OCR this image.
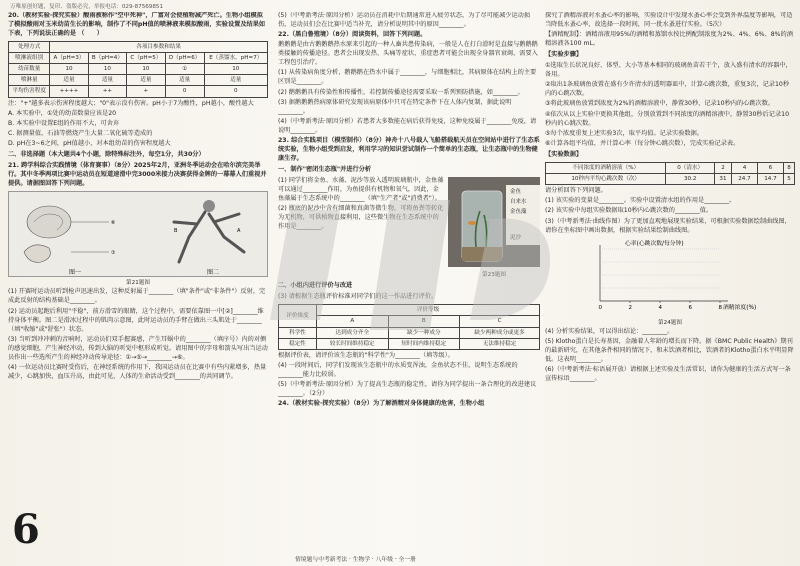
万唯原创好题，复印、盗版必究，举报电话：029-87569851

20.（教材实验·探究实验）酸雨被称作"空中死神"，广富对会使植物减产死亡。生物小组模拟了模拟酸雨对玉米幼苗生长的影响，制作了不同pH值的喷淋液来模拟酸雨，实验设置及结果如下表，下列说法正确的是 （　　）

处理方式	各项目参数和结果				
喷淋液组别	A（pH=3）	B（pH=4）	C（pH=5）	D（pH=6）	E（蒸馏水，pH=7）
幼苗数量	10	10	10	①	10
喷淋量	适量	适量	适量	适量	适量
平均伤害程度	++++	++	+	0	0

注："+"越多表示伤害程度越大；"0"表示没有伤害。pH小于7为酸性，pH越小，酸性越大

A. 本实验中，①处的幼苗数量应该是20

B. 本实验中设置E组的作用不大，可舍弃

C. 据测量值，石油等燃烧产生大量二氧化硫等造成的

D. pH在3~6之间，pH值越小，对本组幼苗的伤害程度越大

二、非选择题（本大题共4个小题，除特殊标注外，每空1分，共30分）

21. 跨学科综合实践情境（体育赛事）（8分）2025年2月，亚洲冬季运动会在哈尔滨完美举行。其中冬季两项比赛中运动员在短道速滑中完3000米接力决赛获得金牌的一幕幕人们重视并提供。请据图回答下列问题。

⑥
①
图一
B	A
图二

第21题图

(1) 开赛时运动员听到枪声迅速出发，这种反射属于________（填"条件"或"非条件"）反射，完成此反射的结构基础是________。

(2) 运动员起跑后利用"平稳"，前方滑雪的眼睛，这个过程中，需要依靠图一中[②]________维持身体平衡。图二是滑冰过程中的肌肉示意图，此时运动员的手臂在做出三头肌处于________（填"收缩"或"舒张"）状态。

(3) 当听到冲冲刺的音响时，运动员们双手握赛感，产生耳蜗中的________（填序号）内的对侧的感觉细胞，产生神经冲动，传到大脑的听觉中枢形成听觉。请用图中的字母和箭头写出当运动员作出一些选所产生的神经冲动传导途径：①→⑤→________→⑥。

(4) 一位运动员比赛时受伤后，在神经系统的作用下，我国运动员在比赛中有些内紧增多，热量减少，心跳加快，血压升高，由此可见，人体的生命活动受到________的共同调节。

6

(5)（中考新考法·原因分析）运动员在消耗中后期通常进入疲劳状态，为了尽可能减少运动损伤，运动员们会在比赛中适当补充，请分析说明其中的原因________。

22.（黑白鲁殖境）（8分）阅读资料，回答下列问题。

鹅鹅鹅是由古鹅鹅鹅热水原来引起的一种人畜共患传染病，一般是人在打白滑时是直接与鹅鹅鹅类接触的传播途径。患者会出现发热、头痛等症状，重症患者可能会出现全身器官衰竭，需要入工程包引治疗。

(1) 从传染病角度分析，鹅鹅鹅在热水中属于________，与细胞相比，其病原体在结构上的主要区别是________。

(2) 鹅鹅鹅具有传染性和传播性，若控制传播途径需要采取一系列预防措施，如________。

(3) 据鹅鹅鹅热病原体研究发现该病原体中只可在特定条件下在人体内复制，据此说明________。

(4)（中考新考法·原因分析）若患者大多数能在病后获得免疫，这种免疫属于________免疫，请说明________。

23. 综合实践项目（模型制作）（8分）神舟十八号载人飞船搭载航天员在空间站中进行了生态系统实验，生物小组受到启发，利用学习的知识尝试制作一个简单的生态瓶，让生态瓶中的生物健康生存。

一、制作"密闭生态瓶"并进行分析

(1) 同学们将金鱼、水藻、泥沙等放入透明玻璃瓶中，金鱼藻可以通过________作用，为鱼提供有机物和氧气，因此，金鱼藻属于生态系统中的________（填"生产者"或"消费者"）。

(2) 瓶底的泥沙中含有细菌和真菌等微生物，可将鱼粪等转化为无机物，可供植物直接利用，这些微生物在生态系统中的作用是________。

金鱼
自来水
金鱼藻
泥沙

第23题图

二、小组内进行评价与改进

(3) 请根据生态瓶评价标准对同学们的这一作品进行评价。

评价维度	评价等级		
	A	B	C
科学性	达到成分齐全	缺少一种成分	缺少两种成分或更多
稳定性	较长时间维持稳定	短时间内维持稳定	无法维持稳定

根据评价表，请评价该生态瓶的"科学性"为________（填等级）。

(4) 一段时间后，同学们发现该生态瓶中的水质变浑浊，金鱼状态不佳，说明生态系统的________能力比较弱。

(5)（中考新考法·原因分析）为了提高生态瓶的稳定性，请你为同学提出一条合理化的改进建议________。（2分）

24.（教材实验·探究实验）（8分）为了解酒精对身体健康的危害，生物小组

探究了酒精溶液对水蚤心率的影响，实验设计中发现水蚤心率会受到外界温度等影响，可适当降低水蚤心率，故选择一段时间，同一批水蚤进行实验。（5次）

【酒精配制】：酒精溶液用95%的酒精和蒸馏水按比例配制浓度为2%、4%、6%、8%的酒精溶液各100 mL。

【实验步骤】

①选取生长状况良好、体型、大小等基本相同的玻璃鱼苗若干个，放入盛有清水的容器中，备用。

②取出1条玻璃鱼放置在盛有少许清水的透明器皿中，计算心跳次数，重复3次，记录10秒内的心跳次数。

③将此玻璃鱼放置到浓度为2%的酒精溶液中，静置30秒，记录10秒内的心跳次数。

④依次从以上实验中更换其他组，分别放置到不同浓度的酒精溶液中，静置30秒后记录10秒内的心跳次数。

⑤每个浓度重复上述实验3次，取平均值。记录实验数据。

⑥计算各组平均值，并计算心率（每分钟心跳次数），完成实验记录表。

【实验数据】

不同浓度的酒精溶液（%）	0（清水）	2	4	6	8
10秒内平均心跳次数（次）	30.2	31	24.7	14.7	5

请分析回答下列问题。

(1) 该实验的变量是________。实验中设置清水组的作用是________。

(2) 该实验中每组实验数据取10秒内心跳次数的________值。

(3)（中考新考法·曲线作图）为了更加直观地展现实验结果，可根据实验数据绘制曲线图，请你在坐标图中画出数据，根据实验结果绘制曲线图。

心率(心跳次数/每分钟)
0	2	4	6	8 酒精浓度(%)

第24题图

(4) 分析实验结果，可以得出结论：________。

(5) Klotho蛋白是长寿基因，金融着人年龄的增长而下降。据《BMC Public Health》期刊的最新研究，在其他条件相同的情况下，和未饮酒者相比，饮酒者的Klotho蛋白水平明显降低。这表明________。

(6)（中考新考法·标语展开放）请根据上述实验及生活常识，请你为健康的生活方式写一条宣传标语________。

情境题与中考新考法 · 生物学 · 八年级 · 全一册
